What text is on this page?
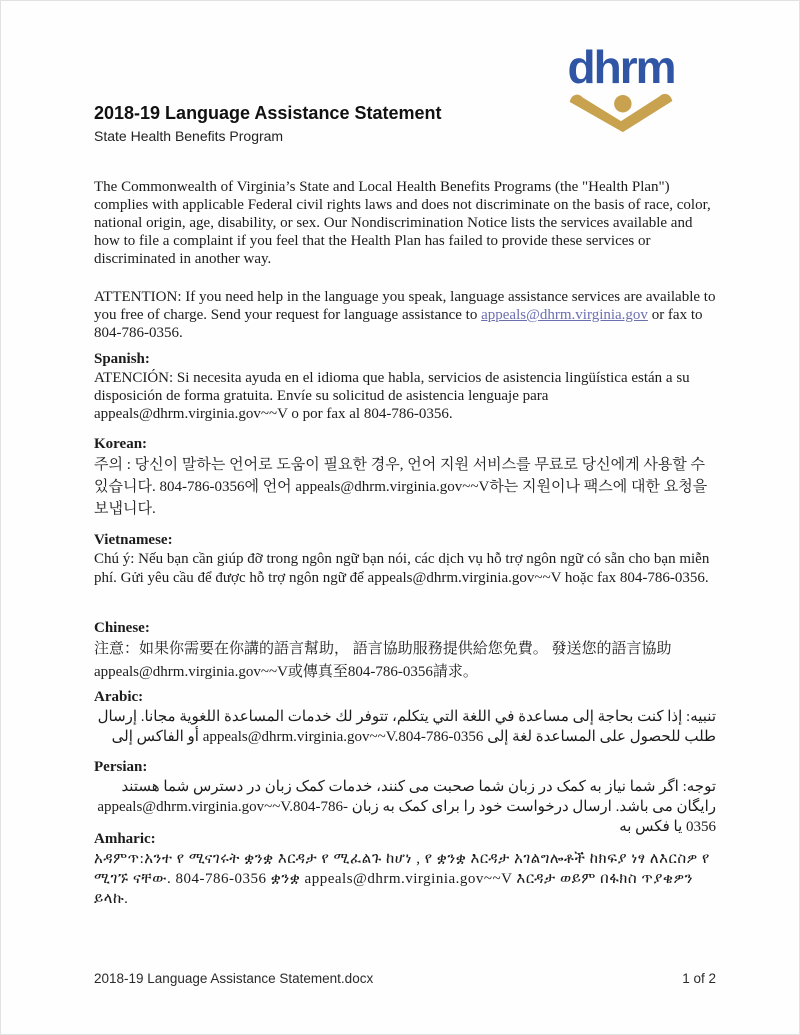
dhrm
2018-19 Language Assistance Statement
State Health Benefits Program

The Commonwealth of Virginia’s State and Local Health Benefits Programs (the "Health Plan") complies with applicable Federal civil rights laws and does not discriminate on the basis of race, color, national origin, age, disability, or sex. Our Nondiscrimination Notice lists the services available and how to file a complaint if you feel that the Health Plan has failed to provide these services or discriminated in another way.

ATTENTION: If you need help in the language you speak, language assistance services are available to you free of charge. Send your request for language assistance to appeals@dhrm.virginia.gov or fax to 804-786-0356.

Spanish:

ATENCIÓN: Si necesita ayuda en el idioma que habla, servicios de asistencia lingüística están a su disposición de forma gratuita. Envíe su solicitud de asistencia lenguaje para appeals@dhrm.virginia.gov~~V o por fax al 804-786-0356.

Korean:

주의 : 당신이 말하는 언어로 도움이 필요한 경우, 언어 지원 서비스를 무료로 당신에게 사용할 수 있습니다. 804-786-0356에 언어 appeals@dhrm.virginia.gov~~V하는 지원이나 팩스에 대한 요청을 보냅니다.

Vietnamese:

Chú ý: Nếu bạn cần giúp đỡ trong ngôn ngữ bạn nói, các dịch vụ hỗ trợ ngôn ngữ có sẵn cho bạn miễn phí. Gửi yêu cầu để được hỗ trợ ngôn ngữ để appeals@dhrm.virginia.gov~~V hoặc fax 804-786-0356.

Chinese:

注意：如果你需要在你講的語言幫助， 語言協助服務提供給您免費。 發送您的語言協助 appeals@dhrm.virginia.gov~~V或傳真至804-786-0356請求。

Arabic:

تنبيه: إذا كنت بحاجة إلى مساعدة في اللغة التي يتكلم، تتوفر لك خدمات المساعدة اللغوية مجانا. إرسال طلب للحصول على المساعدة لغة إلى appeals@dhrm.virginia.gov~~V.804-786-0356 أو الفاكس إلى

Persian:

توجه: اگر شما نیاز به کمک در زبان شما صحبت می کنند، خدمات کمک زبان در دسترس شما هستند رایگان می باشد. ارسال درخواست خود را برای کمک به زبان appeals@dhrm.virginia.gov~~V.804-786-0356 یا فکس به

Amharic:

አዳምጥ:አንተ የ ሚናገሩት ቋንቋ እርዳታ የ ሚፈልጉ ከሆነ , የ ቋንቋ እርዳታ አገልግሎቶች ከክፍያ ነፃ ለእርስዎ የ ሚገኙ ናቸው. 804-786-0356 ቋንቋ appeals@dhrm.virginia.gov~~V እርዳታ ወይም በፋክስ ጥያቄዎን ይላኩ.

2018-19 Language Assistance Statement.docx	1 of 2
